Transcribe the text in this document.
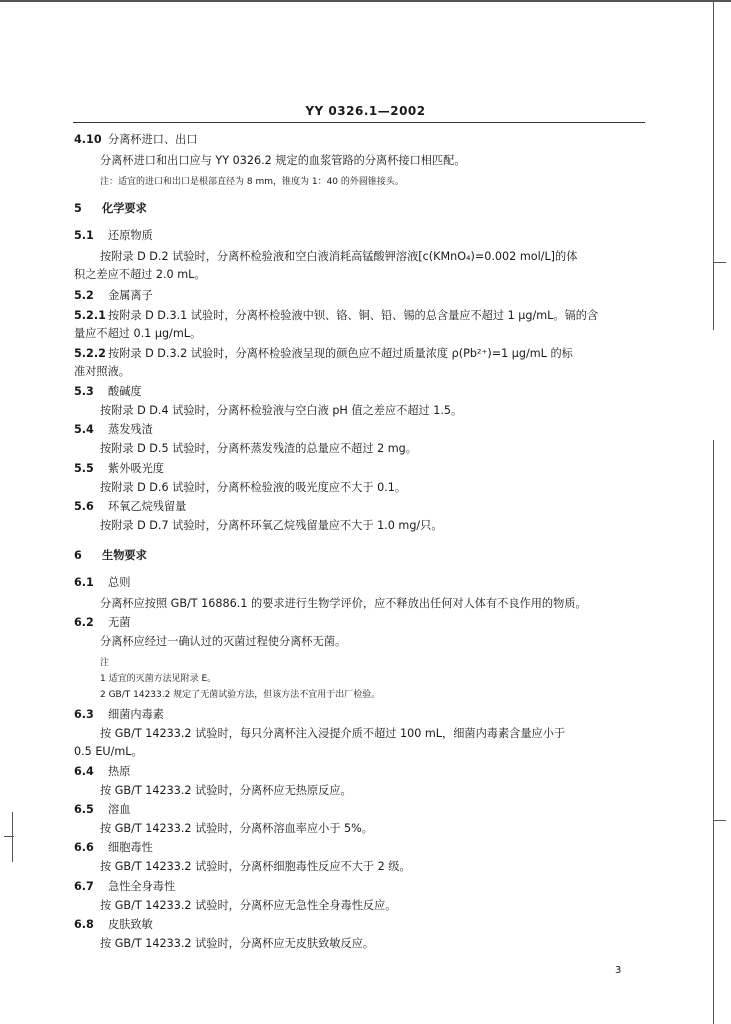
YY 0326.1—2002
4.10 分离杯进口、出口
分离杯进口和出口应与 YY 0326.2 规定的血浆管路的分离杯接口相匹配。
注：适宜的进口和出口是根部直径为 8 mm，锥度为 1：40 的外圆锥接头。
5 化学要求
5.1 还原物质
按附录 D D.2 试验时，分离杯检验液和空白液消耗高锰酸钾溶液[c(KMnO₄)=0.002 mol/L]的体
积之差应不超过 2.0 mL。
5.2 金属离子
5.2.1 按附录 D D.3.1 试验时，分离杯检验液中钡、铬、铜、铅、锡的总含量应不超过 1 μg/mL。镉的含
量应不超过 0.1 μg/mL。
5.2.2 按附录 D D.3.2 试验时，分离杯检验液呈现的颜色应不超过质量浓度 ρ(Pb²⁺)=1 μg/mL 的标
准对照液。
5.3 酸碱度
按附录 D D.4 试验时，分离杯检验液与空白液 pH 值之差应不超过 1.5。
5.4 蒸发残渣
按附录 D D.5 试验时，分离杯蒸发残渣的总量应不超过 2 mg。
5.5 紫外吸光度
按附录 D D.6 试验时，分离杯检验液的吸光度应不大于 0.1。
5.6 环氧乙烷残留量
按附录 D D.7 试验时，分离杯环氧乙烷残留量应不大于 1.0 mg/只。
6 生物要求
6.1 总则
分离杯应按照 GB/T 16886.1 的要求进行生物学评价，应不释放出任何对人体有不良作用的物质。
6.2 无菌
分离杯应经过一确认过的灭菌过程使分离杯无菌。
注
1 适宜的灭菌方法见附录 E。
2 GB/T 14233.2 规定了无菌试验方法，但该方法不宜用于出厂检验。
6.3 细菌内毒素
按 GB/T 14233.2 试验时，每只分离杯注入浸提介质不超过 100 mL，细菌内毒素含量应小于
0.5 EU/mL。
6.4 热原
按 GB/T 14233.2 试验时，分离杯应无热原反应。
6.5 溶血
按 GB/T 14233.2 试验时，分离杯溶血率应小于 5%。
6.6 细胞毒性
按 GB/T 14233.2 试验时，分离杯细胞毒性反应不大于 2 级。
6.7 急性全身毒性
按 GB/T 14233.2 试验时，分离杯应无急性全身毒性反应。
6.8 皮肤致敏
按 GB/T 14233.2 试验时，分离杯应无皮肤致敏反应。
3
